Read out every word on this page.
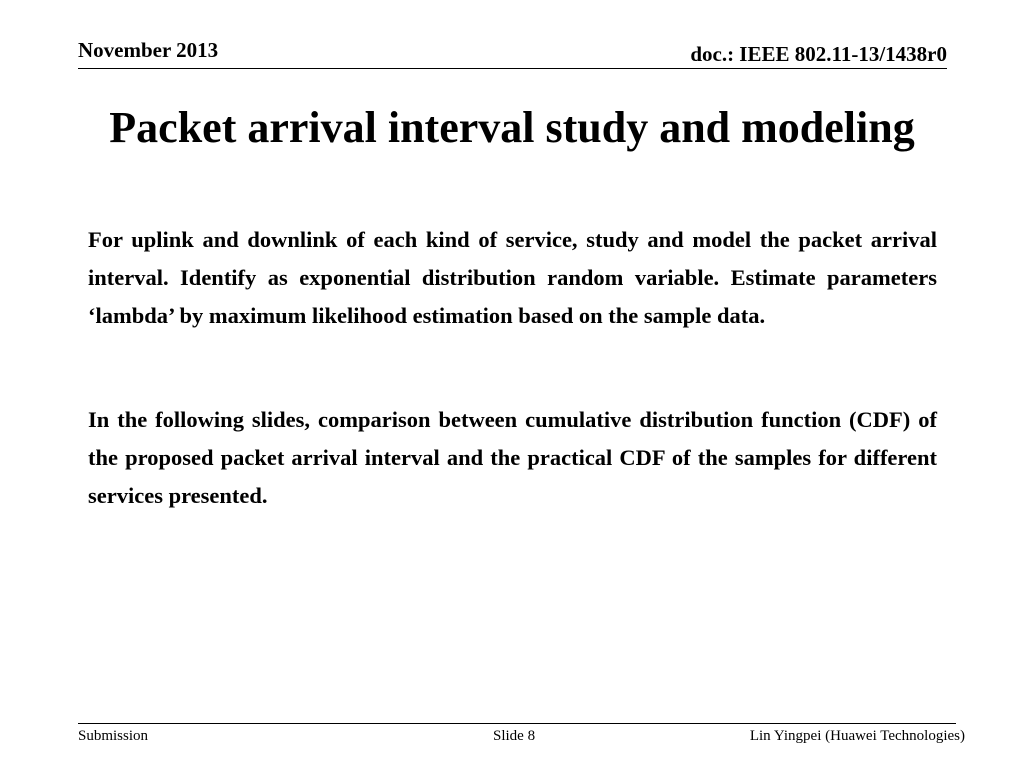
November 2013	doc.: IEEE 802.11-13/1438r0
Packet arrival interval study and modeling
For uplink and downlink of each kind of service, study and model the packet arrival interval. Identify as exponential distribution random variable. Estimate parameters ‘lambda’ by maximum likelihood estimation based on the sample data.
In the following slides, comparison between cumulative distribution function (CDF) of the proposed packet arrival interval and the practical CDF of the samples for different services presented.
Submission	Slide 8	Lin Yingpei (Huawei Technologies)
